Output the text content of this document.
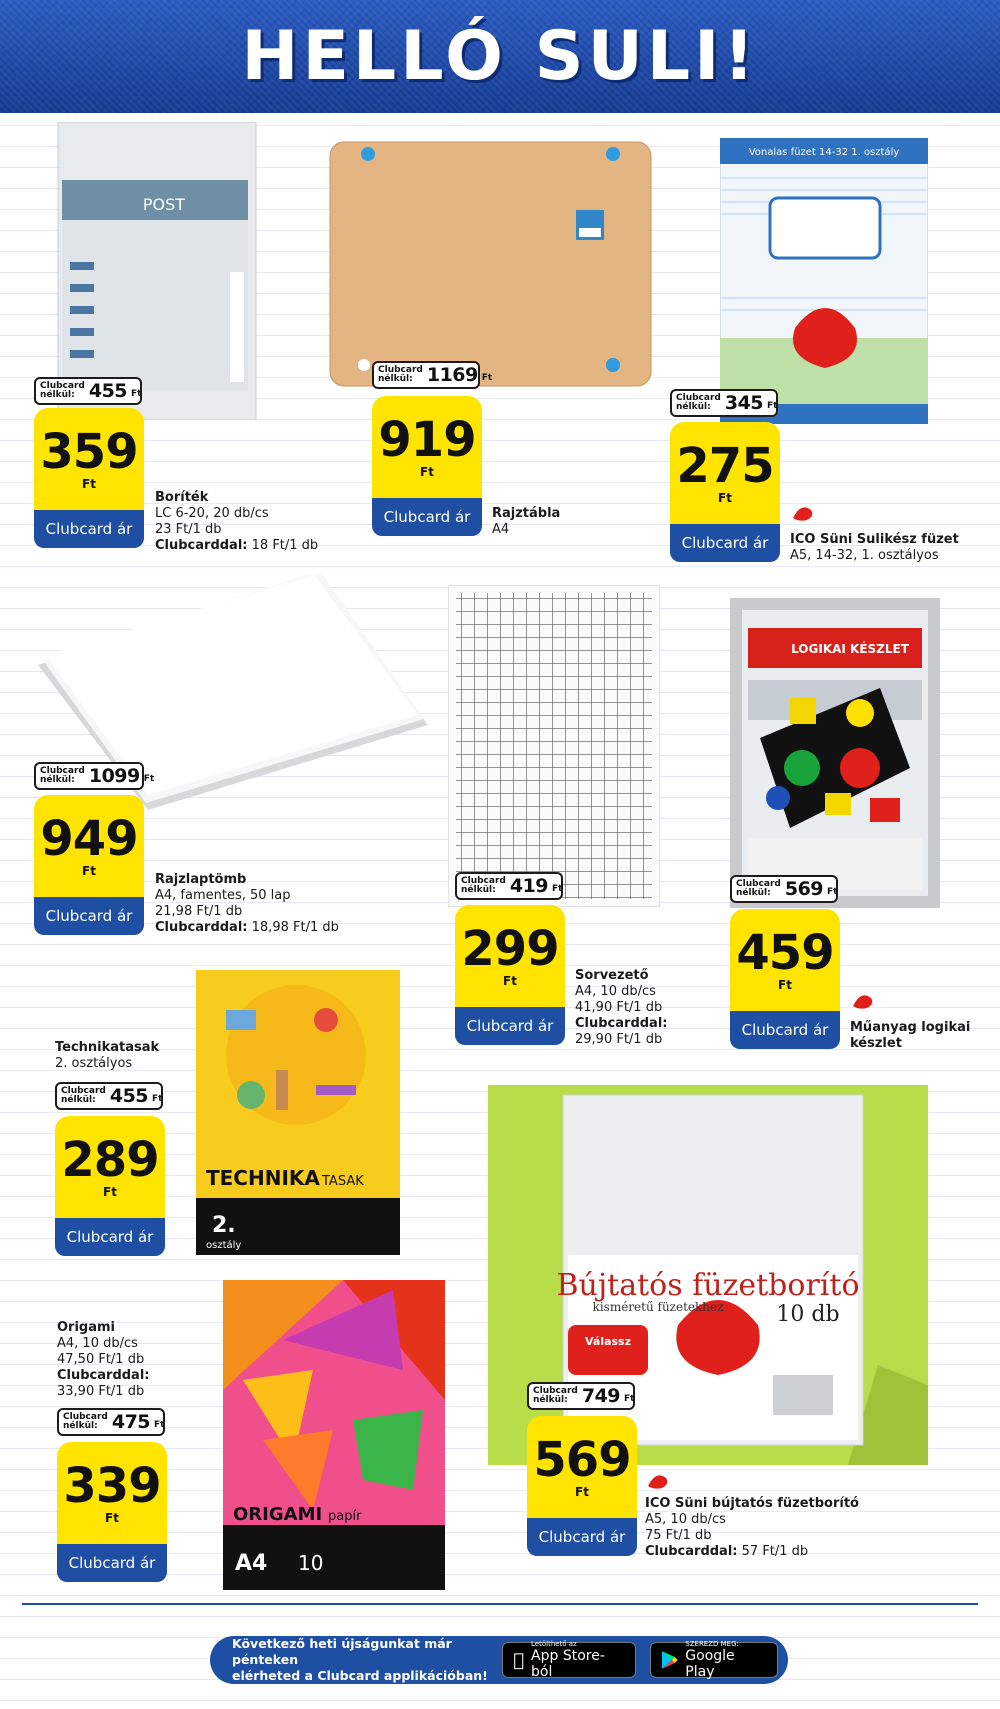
HELLÓ SULI!
POST
Clubcard
nélkül: 455 Ft
359
Ft
Clubcard ár
Boríték
LC 6-20, 20 db/cs
23 Ft/1 db
Clubcarddal: 18 Ft/1 db
Clubcard
nélkül: 1169 Ft
919
Ft
Clubcard ár	Rajztábla
A4
Vonalas füzet 14-32 1. osztály
Clubcard
nélkül: 345 Ft
275
Ft
Clubcard ár	ICO Süni Sulikész füzet
A5, 14-32, 1. osztályos
Clubcard
nélkül: 1099 Ft
949
Ft
Clubcard ár
Rajzlaptömb
A4, famentes, 50 lap
21,98 Ft/1 db
Clubcarddal: 18,98 Ft/1 db
Clubcard
nélkül: 419 Ft
299
Ft
Clubcard ár
Sorvezető
A4, 10 db/cs
41,90 Ft/1 db
Clubcarddal:
29,90 Ft/1 db
LOGIKAI KÉSZLET
Clubcard
nélkül: 569 Ft
459
Ft
Clubcard ár	Műanyag logikai
készlet
TECHNIKA TASAK
2.
osztály
Technikatasak
2. osztályos
Clubcard
nélkül: 455 Ft
289
Ft
Clubcard ár
ORIGAMI papír
A4 10
Origami
A4, 10 db/cs
47,50 Ft/1 db
Clubcarddal:
33,90 Ft/1 db
Clubcard
nélkül: 475 Ft
339
Ft
Clubcard ár
Bújtatós füzetborító
kisméretű füzetekhez 10 db
Válassz
Clubcard
nélkül: 749 Ft
569
Ft
Clubcard ár
ICO Süni bújtatós füzetborító
A5, 10 db/cs
75 Ft/1 db
Clubcarddal: 57 Ft/1 db
Következő heti újságunkat már pénteken
elérheted a Clubcard applikációban!
Letölthető az
App Store-ból
SZEREZD MEG:
Google Play
